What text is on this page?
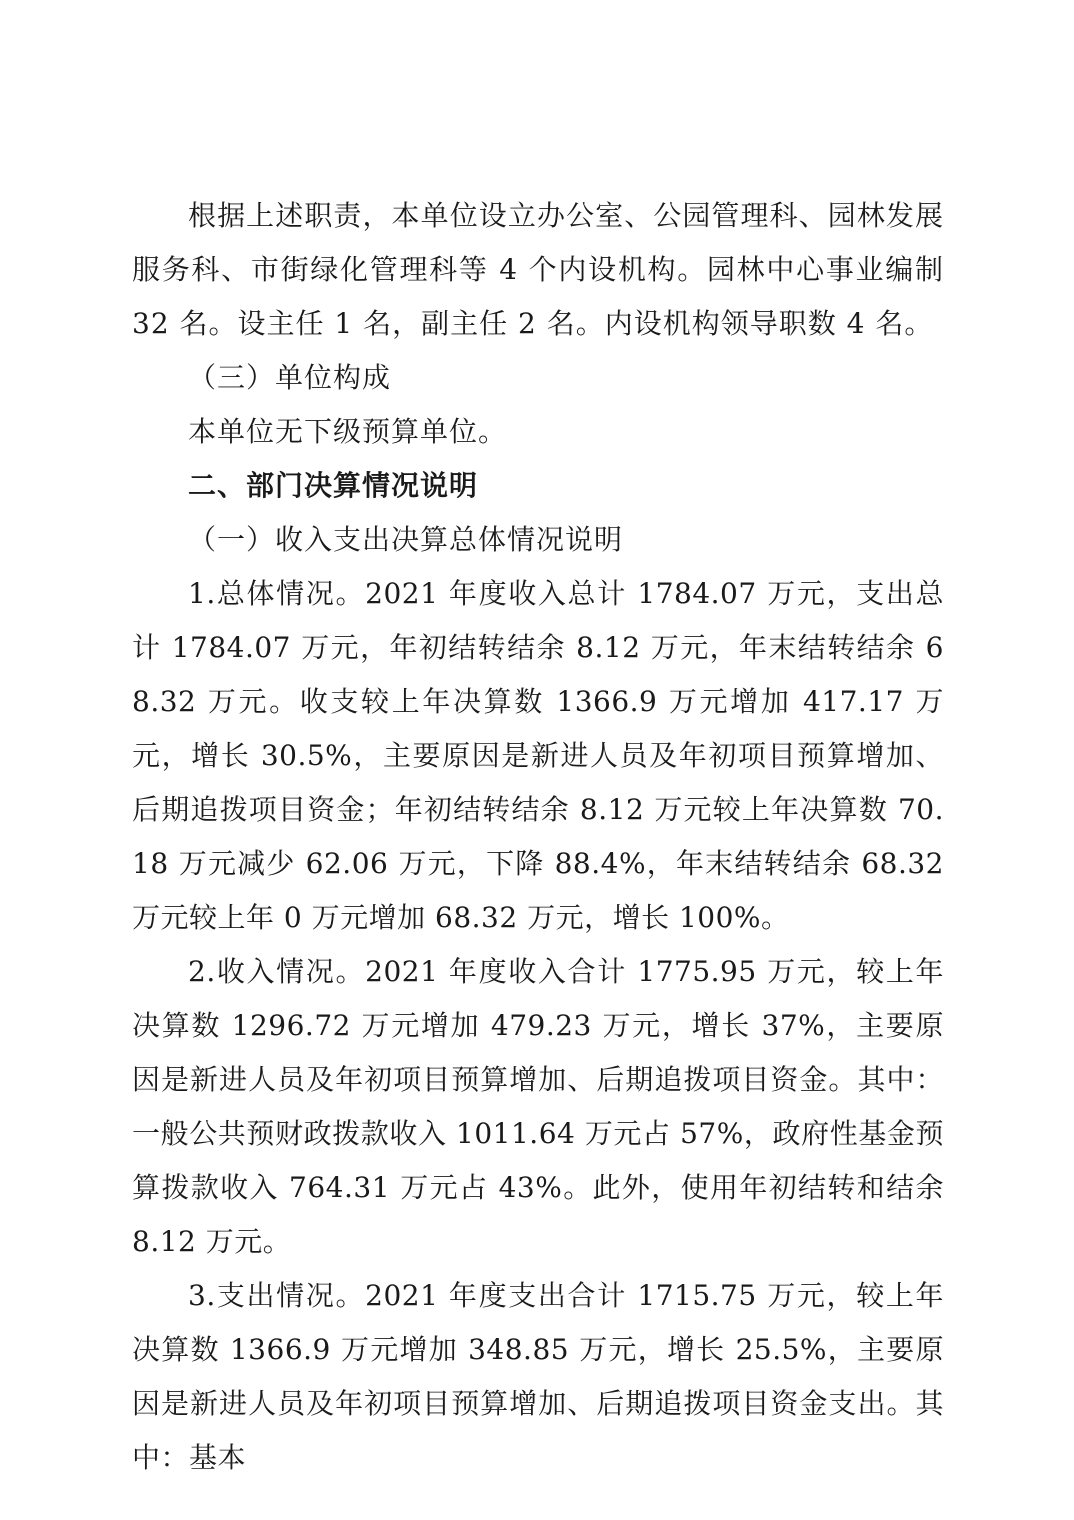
根据上述职责，本单位设立办公室、公园管理科、园林发展服务科、市街绿化管理科等 4 个内设机构。园林中心事业编制 32 名。设主任 1 名，副主任 2 名。内设机构领导职数 4 名。

（三）单位构成

本单位无下级预算单位。

二、部门决算情况说明

（一）收入支出决算总体情况说明

1.总体情况。2021 年度收入总计 1784.07 万元，支出总计 1784.07 万元，年初结转结余 8.12 万元，年末结转结余 68.32 万元。收支较上年决算数 1366.9 万元增加 417.17 万元，增长 30.5%，主要原因是新进人员及年初项目预算增加、后期追拨项目资金；年初结转结余 8.12 万元较上年决算数 70.18 万元减少 62.06 万元，下降 88.4%，年末结转结余 68.32 万元较上年 0 万元增加 68.32 万元，增长 100%。

2.收入情况。2021 年度收入合计 1775.95 万元，较上年决算数 1296.72 万元增加 479.23 万元，增长 37%，主要原因是新进人员及年初项目预算增加、后期追拨项目资金。其中：一般公共预财政拨款收入 1011.64 万元占 57%，政府性基金预算拨款收入 764.31 万元占 43%。此外，使用年初结转和结余 8.12 万元。

3.支出情况。2021 年度支出合计 1715.75 万元，较上年决算数 1366.9 万元增加 348.85 万元，增长 25.5%，主要原因是新进人员及年初项目预算增加、后期追拨项目资金支出。其中：基本
